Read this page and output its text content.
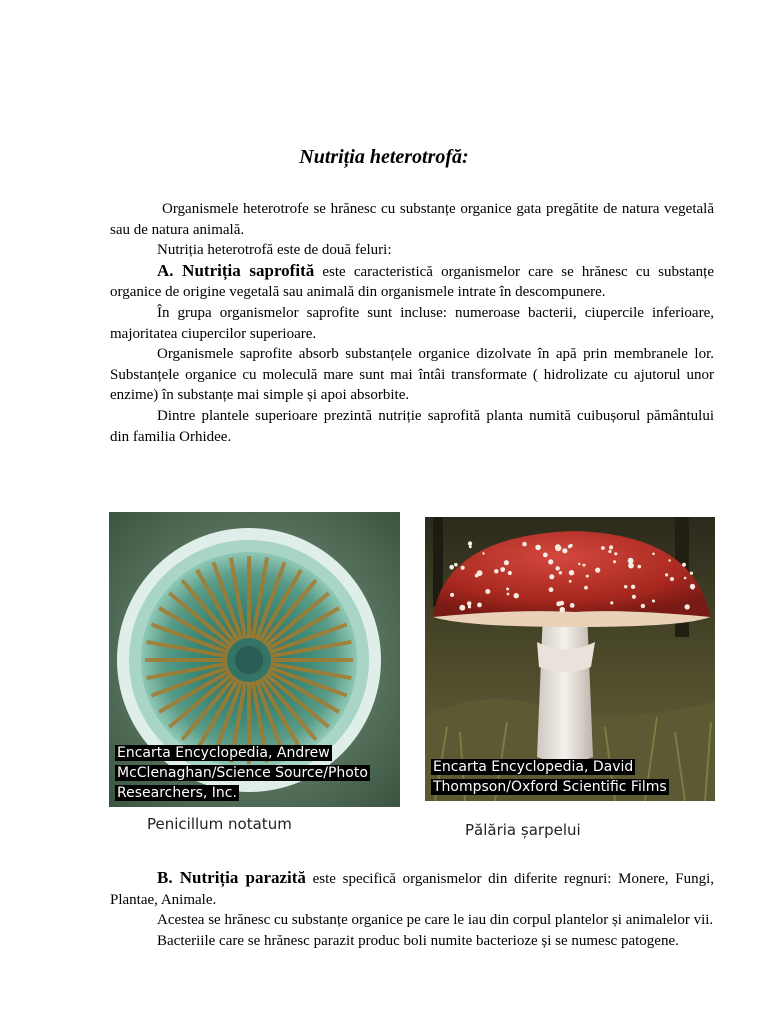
Nutriția heterotrofă:

Organismele heterotrofe se hrănesc cu substanțe organice gata pregătite de natura vegetală sau de natura animală.

Nutriția heterotrofă este de două feluri:

A. Nutriția saprofită este caracteristică organismelor care se hrănesc cu substanțe organice de origine vegetală sau animală din organismele intrate în descompunere.

În grupa organismelor saprofite sunt incluse: numeroase bacterii, ciupercile inferioare, majoritatea ciupercilor superioare.

Organismele saprofite absorb substanțele organice dizolvate în apă prin membranele lor. Substanțele organice cu moleculă mare sunt mai întâi transformate ( hidrolizate cu ajutorul unor enzime) în substanțe mai simple și apoi absorbite.

Dintre plantele superioare prezintă nutriție saprofită planta numită cuibușorul pământului din familia Orhidee.

Encarta Encyclopedia, Andrew
McClenaghan/Science Source/Photo
Researchers, Inc.
Penicillum notatum
Encarta Encyclopedia, David
Thompson/Oxford Scientific Films
Pălăria șarpelui

B. Nutriția parazită este specifică organismelor din diferite regnuri: Monere, Fungi, Plantae, Animale.

Acestea se hrănesc cu substanțe organice pe care le iau din corpul plantelor și animalelor vii.

Bacteriile care se hrănesc parazit produc boli numite bacterioze și se numesc patogene.
